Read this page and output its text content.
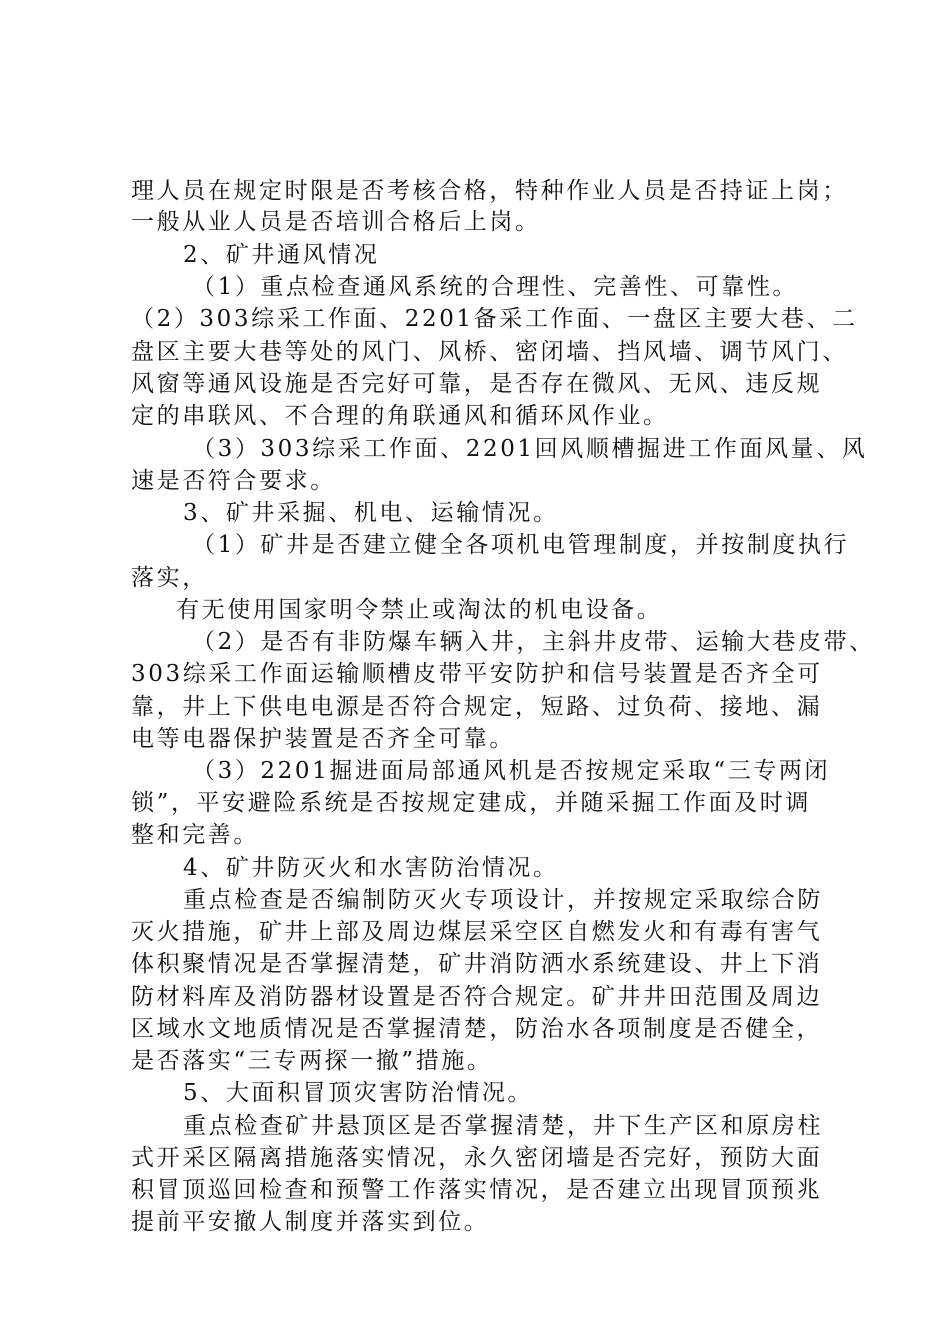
理人员在规定时限是否考核合格，特种作业人员是否持证上岗；
一般从业人员是否培训合格后上岗。
2、矿井通风情况
（1）重点检查通风系统的合理性、完善性、可靠性。
（2）303综采工作面、2201备采工作面、一盘区主要大巷、二
盘区主要大巷等处的风门、风桥、密闭墙、挡风墙、调节风门、
风窗等通风设施是否完好可靠，是否存在微风、无风、违反规
定的串联风、不合理的角联通风和循环风作业。
（3）303综采工作面、2201回风顺槽掘进工作面风量、风
速是否符合要求。
3、矿井采掘、机电、运输情况。
（1）矿井是否建立健全各项机电管理制度，并按制度执行
落实，
有无使用国家明令禁止或淘汰的机电设备。
（2）是否有非防爆车辆入井，主斜井皮带、运输大巷皮带、
303综采工作面运输顺槽皮带平安防护和信号装置是否齐全可
靠，井上下供电电源是否符合规定，短路、过负荷、接地、漏
电等电器保护装置是否齐全可靠。
（3）2201掘进面局部通风机是否按规定采取“三专两闭
锁”，平安避险系统是否按规定建成，并随采掘工作面及时调
整和完善。
4、矿井防灭火和水害防治情况。
重点检查是否编制防灭火专项设计，并按规定采取综合防
灭火措施，矿井上部及周边煤层采空区自燃发火和有毒有害气
体积聚情况是否掌握清楚，矿井消防洒水系统建设、井上下消
防材料库及消防器材设置是否符合规定。矿井井田范围及周边
区域水文地质情况是否掌握清楚，防治水各项制度是否健全，
是否落实“三专两探一撤”措施。
5、大面积冒顶灾害防治情况。
重点检查矿井悬顶区是否掌握清楚，井下生产区和原房柱
式开采区隔离措施落实情况，永久密闭墙是否完好，预防大面
积冒顶巡回检查和预警工作落实情况，是否建立出现冒顶预兆
提前平安撤人制度并落实到位。
